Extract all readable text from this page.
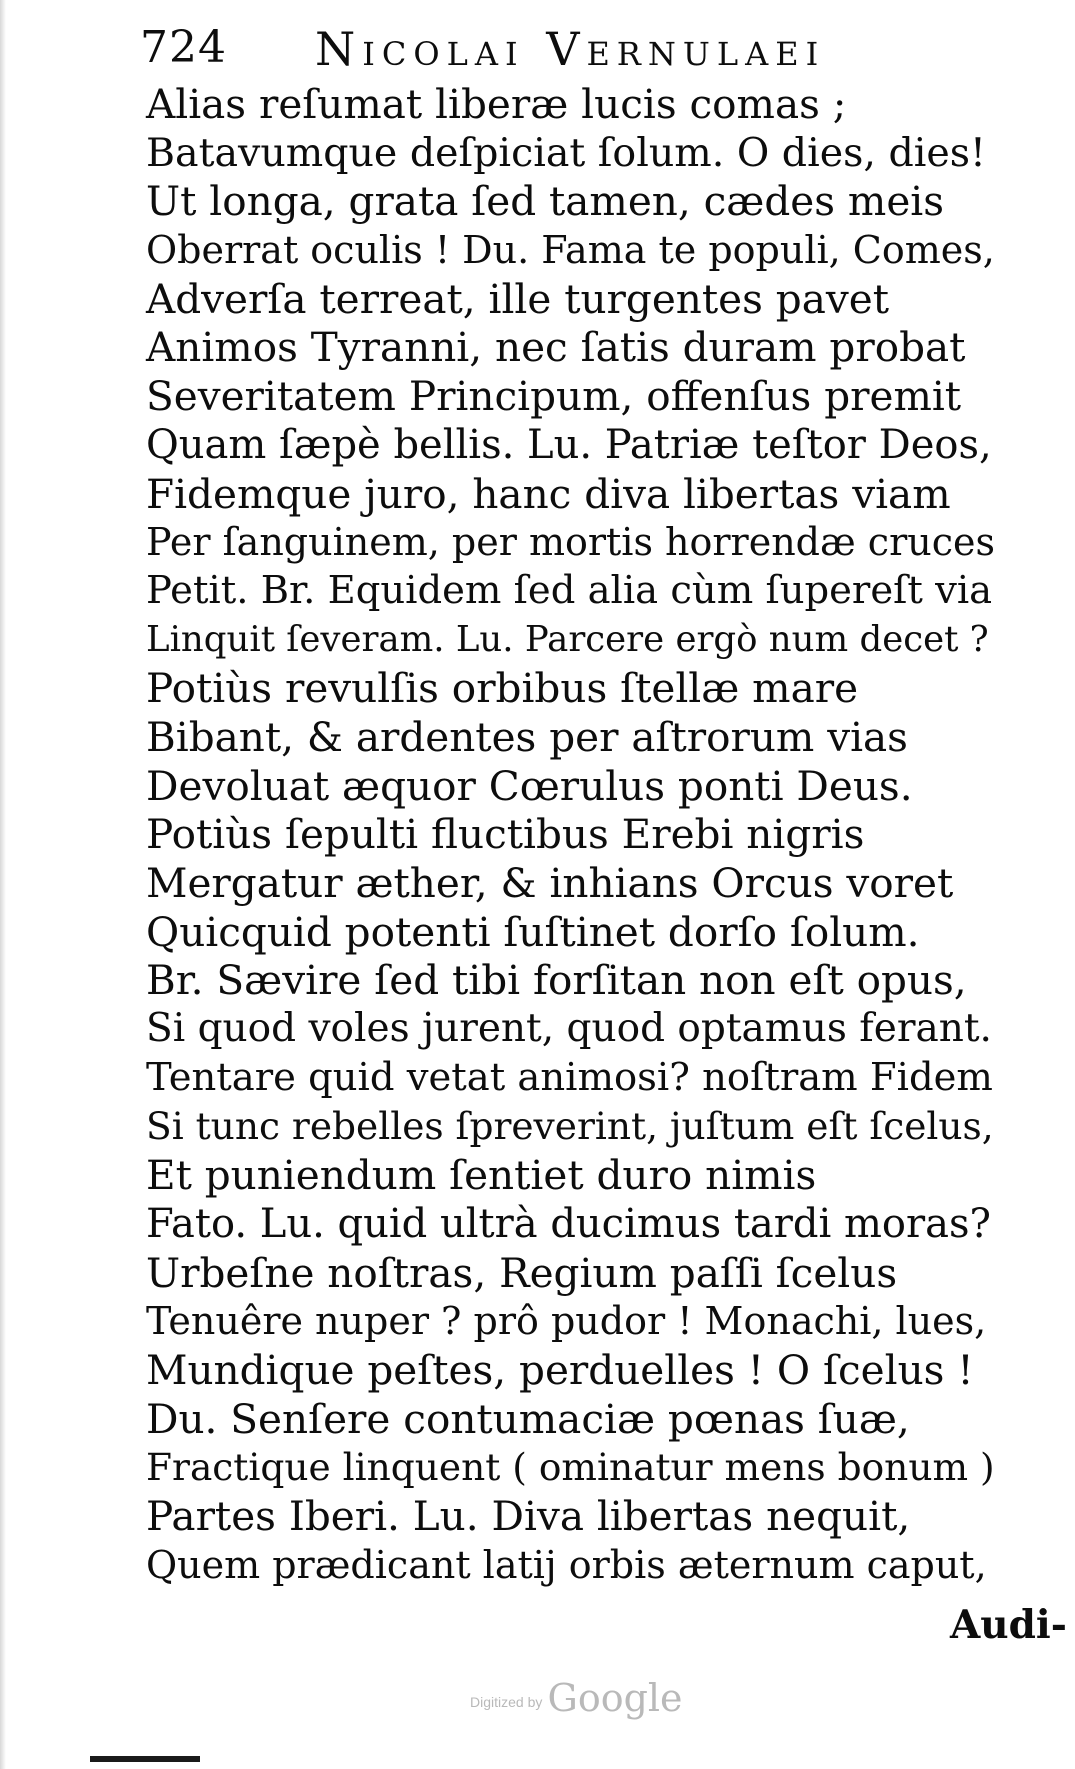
724 Nicolai Vernulaei
Alias reſumat liberæ lucis comas ;
Batavumque deſpiciat ſolum. O dies, dies!
Ut longa, grata ſed tamen, cædes meis
Oberrat oculis ! Du. Fama te populi, Comes,
Adverſa terreat, ille turgentes pavet
Animos Tyranni, nec ſatis duram probat
Severitatem Principum, offenſus premit
Quam ſæpè bellis. Lu. Patriæ teſtor Deos,
Fidemque juro, hanc diva libertas viam
Per ſanguinem, per mortis horrendæ cruces
Petit. Br. Equidem ſed alia cùm ſupereſt via
Linquit ſeveram. Lu. Parcere ergò num decet ?
Potiùs revulſis orbibus ſtellæ mare
Bibant, & ardentes per aſtrorum vias
Devoluat æquor Cœrulus ponti Deus.
Potiùs ſepulti fluctibus Erebi nigris
Mergatur æther, & inhians Orcus voret
Quicquid potenti ſuſtinet dorſo ſolum.
Br. Sævire ſed tibi forſitan non eſt opus,
Si quod voles jurent, quod optamus ferant.
Tentare quid vetat animosi? noſtram Fidem
Si tunc rebelles ſpreverint, juſtum eſt ſcelus,
Et puniendum ſentiet duro nimis
Fato. Lu. quid ultrà ducimus tardi moras?
Urbeſne noſtras, Regium paſſi ſcelus
Tenuêre nuper ? prô pudor ! Monachi, lues,
Mundique peſtes, perduelles ! O ſcelus !
Du. Senſere contumaciæ pœnas ſuæ,
Fractique linquent ( ominatur mens bonum )
Partes Iberi. Lu. Diva libertas nequit,
Quem prædicant latij orbis æternum caput,
Audi-
Digitized by Google
